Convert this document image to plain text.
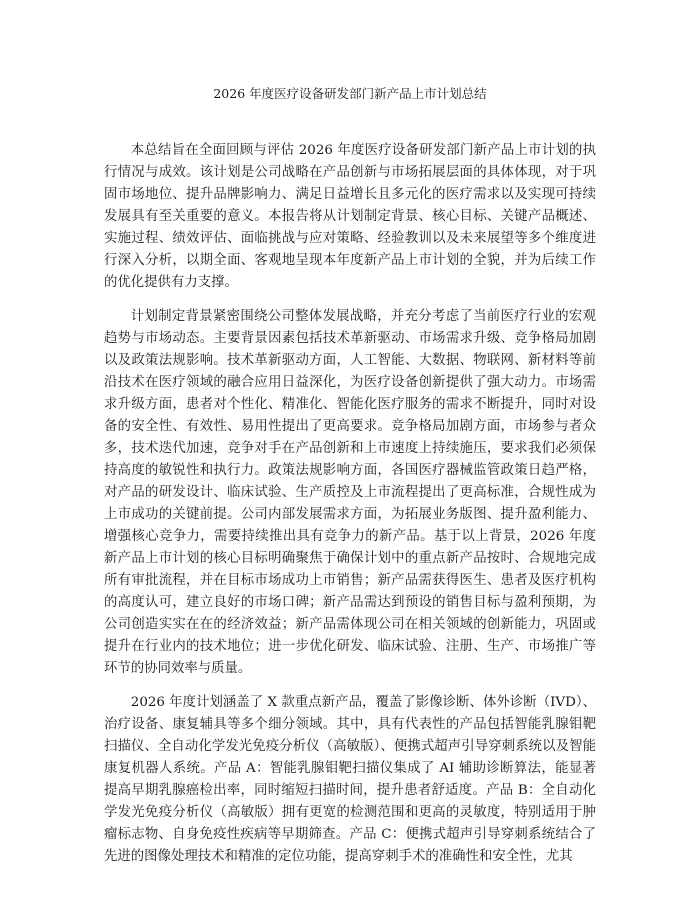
2026 年度医疗设备研发部门新产品上市计划总结

本总结旨在全面回顾与评估 2026 年度医疗设备研发部门新产品上市计划的执行情况与成效。该计划是公司战略在产品创新与市场拓展层面的具体体现，对于巩固市场地位、提升品牌影响力、满足日益增长且多元化的医疗需求以及实现可持续发展具有至关重要的意义。本报告将从计划制定背景、核心目标、关键产品概述、实施过程、绩效评估、面临挑战与应对策略、经验教训以及未来展望等多个维度进行深入分析，以期全面、客观地呈现本年度新产品上市计划的全貌，并为后续工作的优化提供有力支撑。

计划制定背景紧密围绕公司整体发展战略，并充分考虑了当前医疗行业的宏观趋势与市场动态。主要背景因素包括技术革新驱动、市场需求升级、竞争格局加剧以及政策法规影响。技术革新驱动方面，人工智能、大数据、物联网、新材料等前沿技术在医疗领域的融合应用日益深化，为医疗设备创新提供了强大动力。市场需求升级方面，患者对个性化、精准化、智能化医疗服务的需求不断提升，同时对设备的安全性、有效性、易用性提出了更高要求。竞争格局加剧方面，市场参与者众多，技术迭代加速，竞争对手在产品创新和上市速度上持续施压，要求我们必须保持高度的敏锐性和执行力。政策法规影响方面，各国医疗器械监管政策日趋严格，对产品的研发设计、临床试验、生产质控及上市流程提出了更高标准，合规性成为上市成功的关键前提。公司内部发展需求方面，为拓展业务版图、提升盈利能力、增强核心竞争力，需要持续推出具有竞争力的新产品。基于以上背景，2026 年度新产品上市计划的核心目标明确聚焦于确保计划中的重点新产品按时、合规地完成所有审批流程，并在目标市场成功上市销售；新产品需获得医生、患者及医疗机构的高度认可，建立良好的市场口碑；新产品需达到预设的销售目标与盈利预期，为公司创造实实在在的经济效益；新产品需体现公司在相关领域的创新能力，巩固或提升在行业内的技术地位；进一步优化研发、临床试验、注册、生产、市场推广等环节的协同效率与质量。

2026 年度计划涵盖了 X 款重点新产品，覆盖了影像诊断、体外诊断（IVD）、治疗设备、康复辅具等多个细分领域。其中，具有代表性的产品包括智能乳腺钼靶扫描仪、全自动化学发光免疫分析仪（高敏版）、便携式超声引导穿刺系统以及智能康复机器人系统。产品 A：智能乳腺钼靶扫描仪集成了 AI 辅助诊断算法，能显著提高早期乳腺癌检出率，同时缩短扫描时间，提升患者舒适度。产品 B：全自动化学发光免疫分析仪（高敏版）拥有更宽的检测范围和更高的灵敏度，特别适用于肿瘤标志物、自身免疫性疾病等早期筛查。产品 C：便携式超声引导穿刺系统结合了先进的图像处理技术和精准的定位功能，提高穿刺手术的准确性和安全性，尤其
